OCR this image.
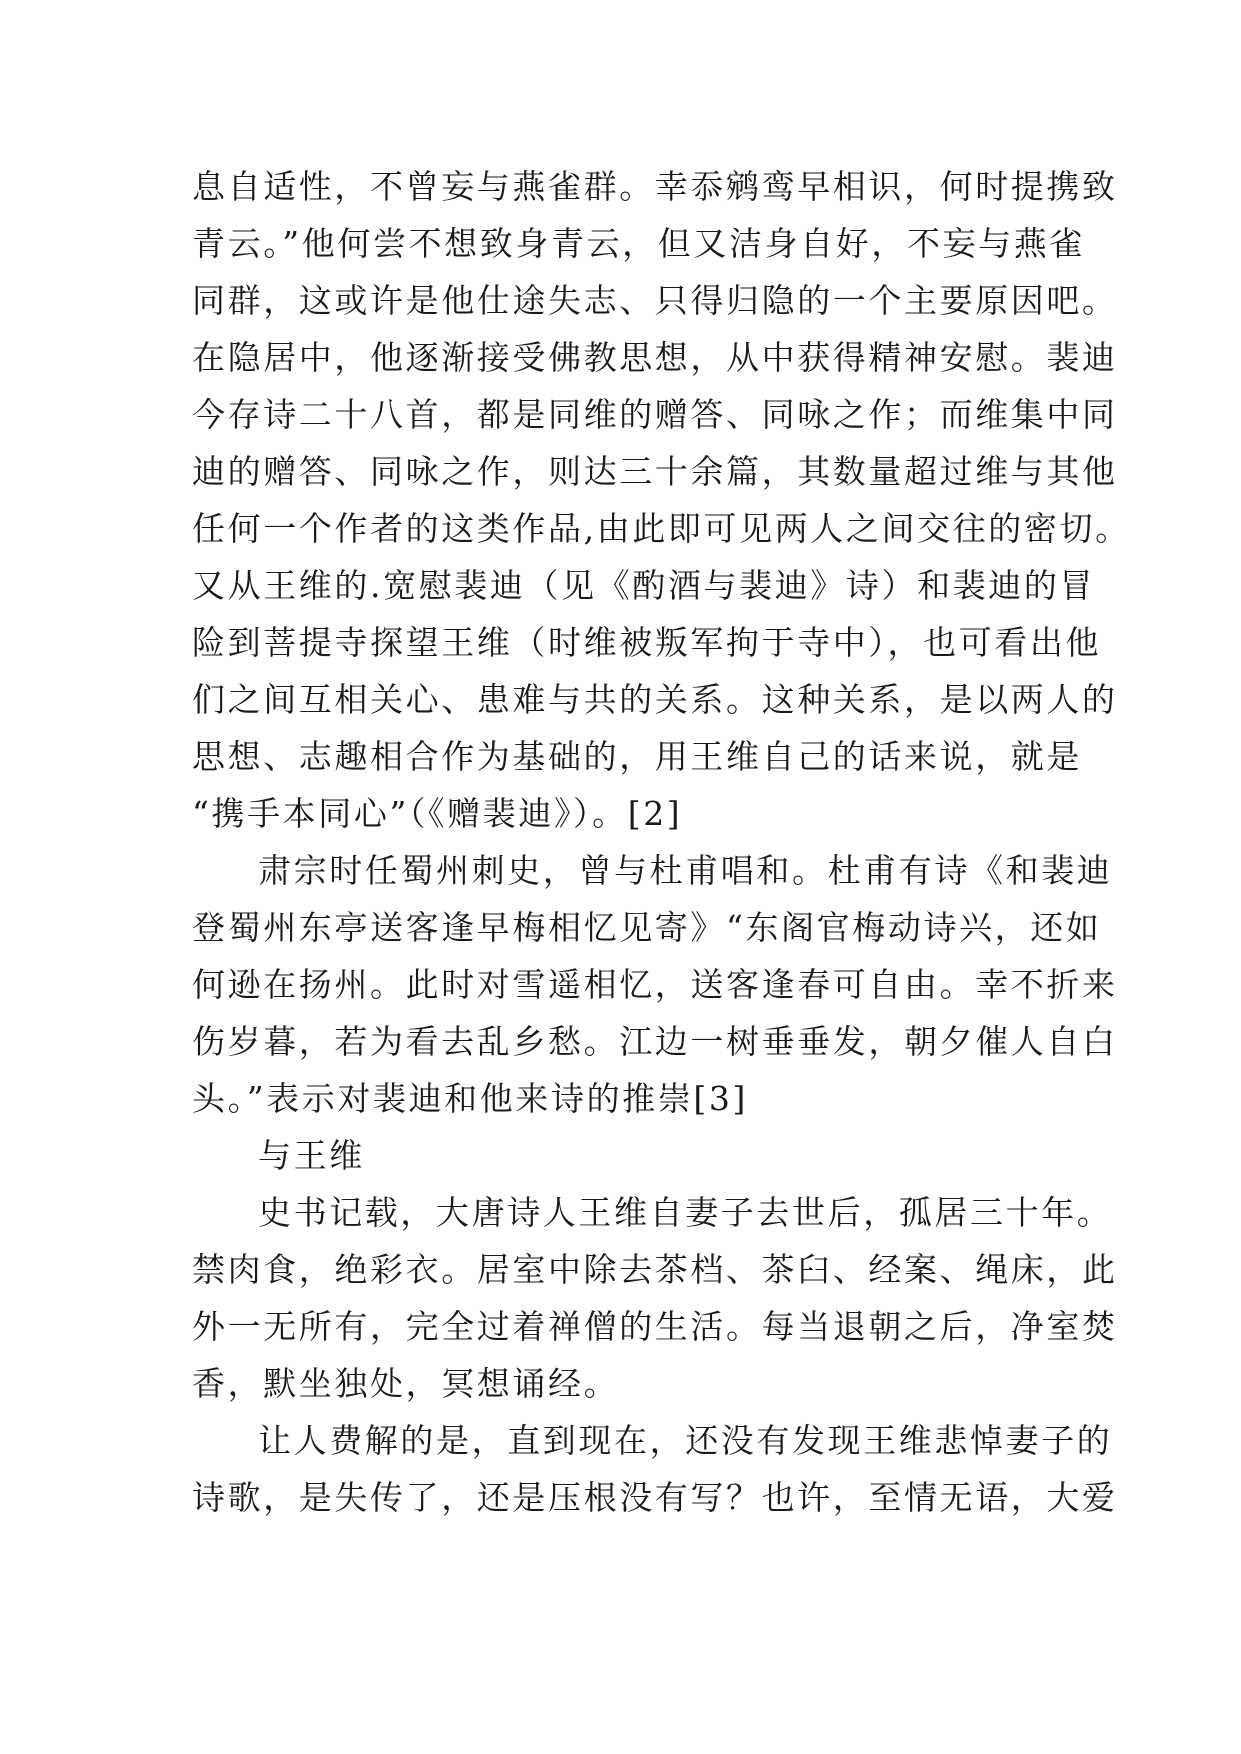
息自适性，不曾妄与燕雀群。幸忝鹓鸾早相识，何时提携致
青云。”他何尝不想致身青云，但又洁身自好，不妄与燕雀
同群，这或许是他仕途失志、只得归隐的一个主要原因吧。
在隐居中，他逐渐接受佛教思想，从中获得精神安慰。裴迪
今存诗二十八首，都是同维的赠答、同咏之作；而维集中同
迪的赠答、同咏之作，则达三十余篇，其数量超过维与其他
任何一个作者的这类作品,由此即可见两人之间交往的密切。
又从王维的.宽慰裴迪（见《酌酒与裴迪》诗）和裴迪的冒
险到菩提寺探望王维（时维被叛军拘于寺中），也可看出他
们之间互相关心、患难与共的关系。这种关系，是以两人的
思想、志趣相合作为基础的，用王维自己的话来说，就是
“携手本同心”（《赠裴迪》）。[2]
肃宗时任蜀州刺史，曾与杜甫唱和。杜甫有诗《和裴迪
登蜀州东亭送客逢早梅相忆见寄》“东阁官梅动诗兴，还如
何逊在扬州。此时对雪遥相忆，送客逢春可自由。幸不折来
伤岁暮，若为看去乱乡愁。江边一树垂垂发，朝夕催人自白
头。”表示对裴迪和他来诗的推崇[3]
与王维
史书记载，大唐诗人王维自妻子去世后，孤居三十年。
禁肉食，绝彩衣。居室中除去茶档、茶臼、经案、绳床，此
外一无所有，完全过着禅僧的生活。每当退朝之后，净室焚
香，默坐独处，冥想诵经。
让人费解的是，直到现在，还没有发现王维悲悼妻子的
诗歌，是失传了，还是压根没有写？也许，至情无语，大爱
